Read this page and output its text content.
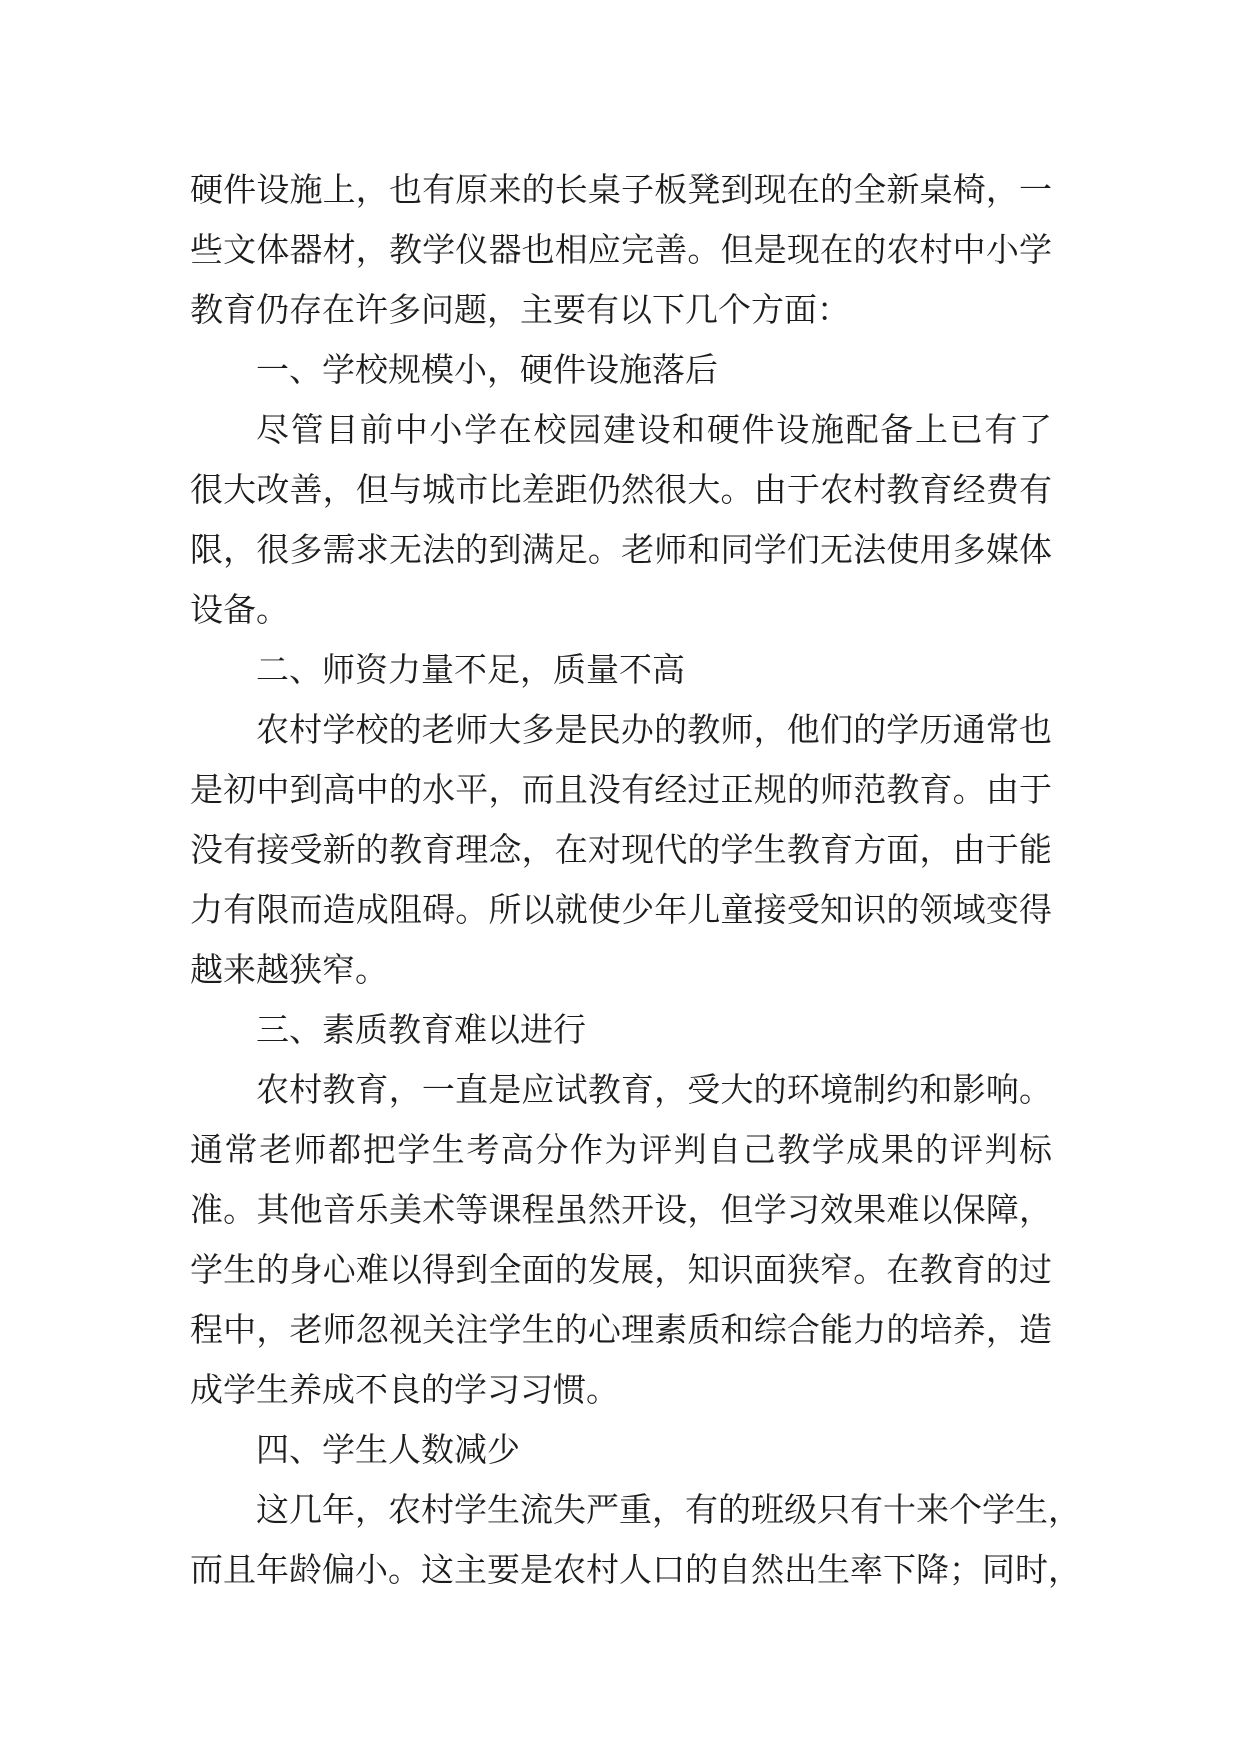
硬件设施上，也有原来的长桌子板凳到现在的全新桌椅，一
些文体器材，教学仪器也相应完善。但是现在的农村中小学
教育仍存在许多问题，主要有以下几个方面：
一、学校规模小，硬件设施落后
尽管目前中小学在校园建设和硬件设施配备上已有了
很大改善，但与城市比差距仍然很大。由于农村教育经费有
限，很多需求无法的到满足。老师和同学们无法使用多媒体
设备。
二、师资力量不足，质量不高
农村学校的老师大多是民办的教师，他们的学历通常也
是初中到高中的水平，而且没有经过正规的师范教育。由于
没有接受新的教育理念，在对现代的学生教育方面，由于能
力有限而造成阻碍。所以就使少年儿童接受知识的领域变得
越来越狭窄。
三、素质教育难以进行
农村教育，一直是应试教育，受大的环境制约和影响。
通常老师都把学生考高分作为评判自己教学成果的评判标
准。其他音乐美术等课程虽然开设，但学习效果难以保障，
学生的身心难以得到全面的发展，知识面狭窄。在教育的过
程中，老师忽视关注学生的心理素质和综合能力的培养，造
成学生养成不良的学习习惯。
四、学生人数减少
这几年，农村学生流失严重，有的班级只有十来个学生，
而且年龄偏小。这主要是农村人口的自然出生率下降；同时，
